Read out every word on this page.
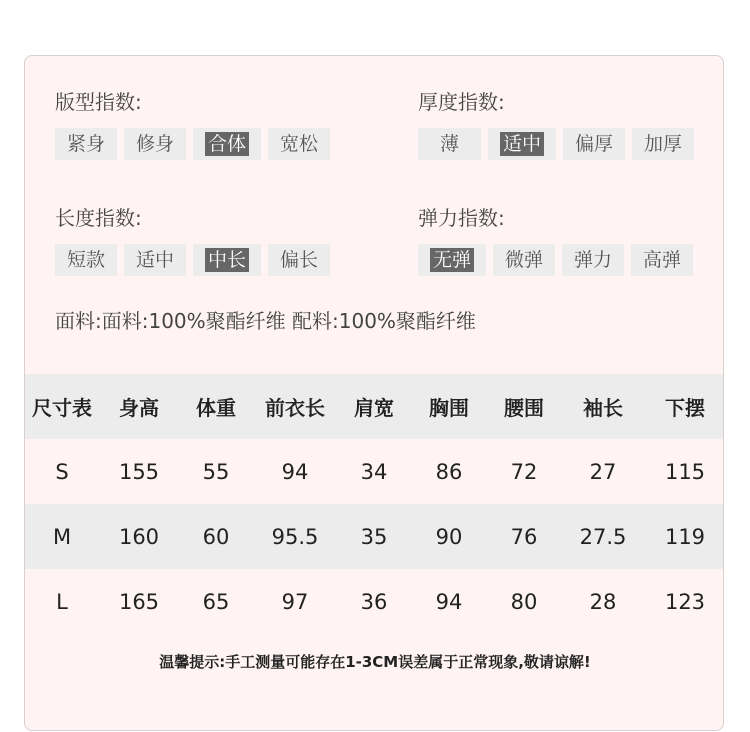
版型指数:
紧身	修身	合体	宽松
厚度指数:
薄	适中	偏厚	加厚
长度指数:
短款	适中	中长	偏长
弹力指数:
无弹	微弹	弹力	高弹
面料:面料:100%聚酯纤维 配料:100%聚酯纤维
尺寸表	身高	体重	前衣长	肩宽	胸围	腰围	袖长	下摆
S	155	55	94	34	86	72	27	115
M	160	60	95.5	35	90	76	27.5	119
L	165	65	97	36	94	80	28	123
温馨提示:手工测量可能存在1-3CM误差属于正常现象,敬请谅解!
